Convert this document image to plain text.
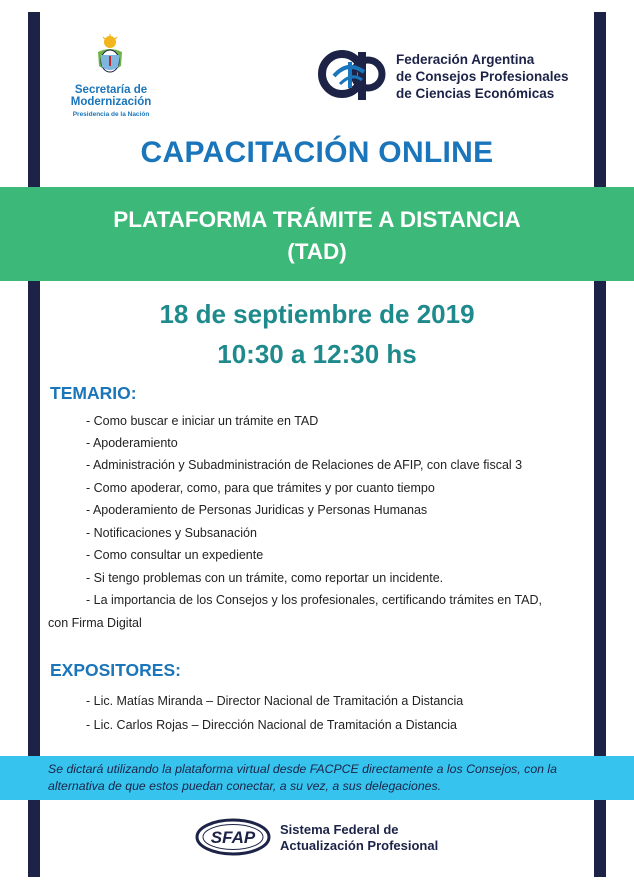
Secretaría de
Modernización
Presidencia de la Nación
Federación Argentina
de Consejos Profesionales
de Ciencias Económicas
CAPACITACIÓN ONLINE
PLATAFORMA TRÁMITE A DISTANCIA
(TAD)
18 de septiembre de 2019
10:30 a 12:30 hs
TEMARIO:
- Como buscar e iniciar un trámite en TAD
- Apoderamiento
- Administración y Subadministración de Relaciones de AFIP, con clave fiscal 3
- Como apoderar, como, para que trámites y por cuanto tiempo
- Apoderamiento de Personas Juridicas y Personas Humanas
- Notificaciones y Subsanación
- Como consultar un expediente
- Si tengo problemas con un trámite, como reportar un incidente.
- La importancia de los Consejos y los profesionales, certificando trámites en TAD,
con Firma Digital
EXPOSITORES:
- Lic. Matías Miranda – Director Nacional de Tramitación a Distancia
- Lic. Carlos Rojas – Dirección Nacional de Tramitación a Distancia
Se dictará utilizando la plataforma virtual desde FACPCE directamente a los Consejos, con la
alternativa de que estos puedan conectar, a su vez, a sus delegaciones.
SFAP Sistema Federal de
Actualización Profesional
